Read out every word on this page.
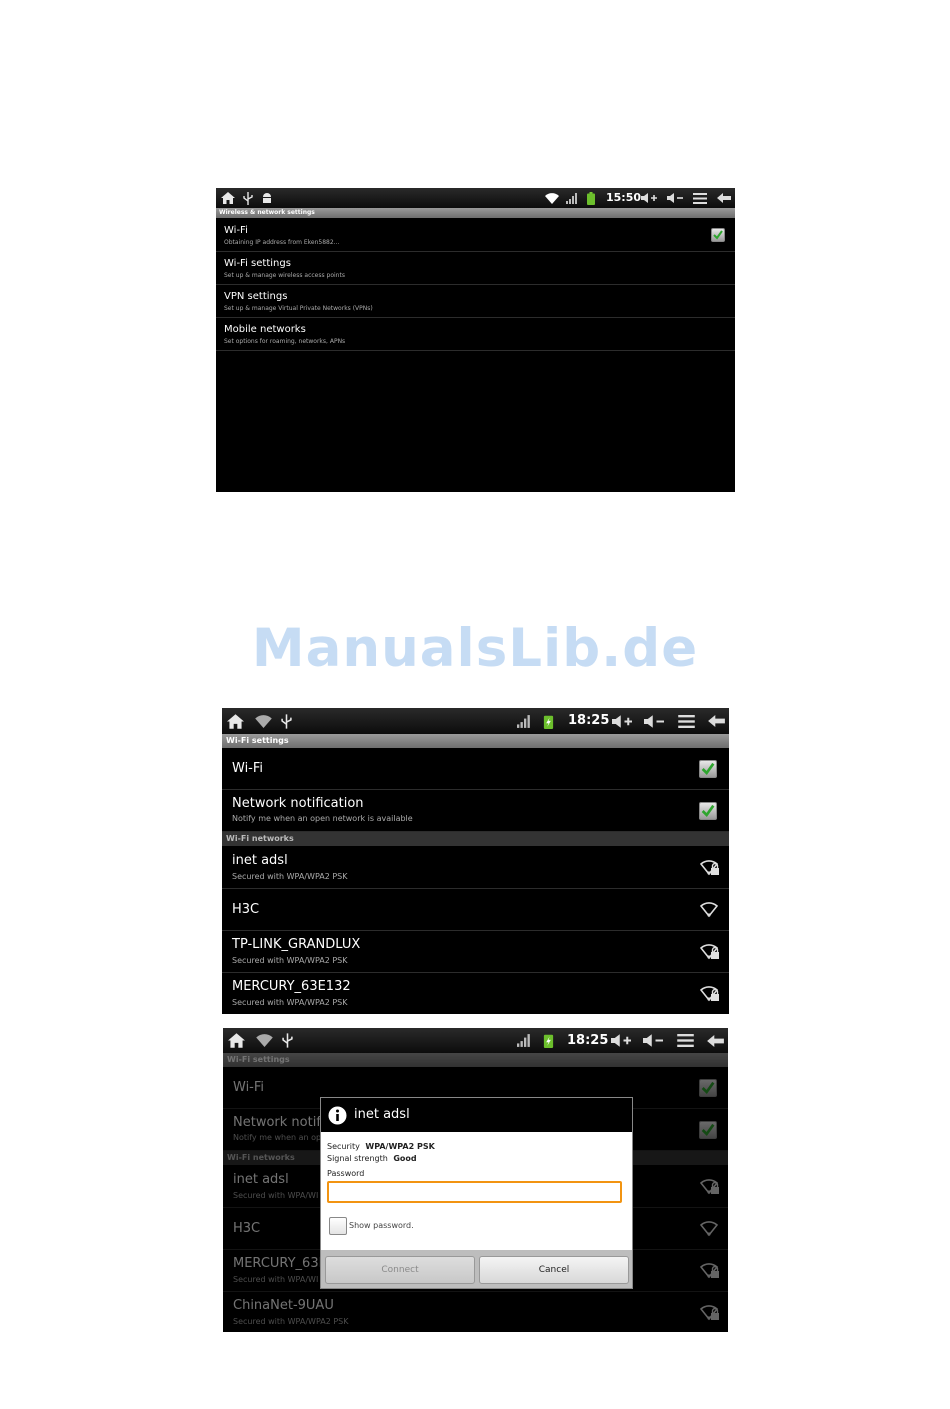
15:50
Wireless & network settings
Wi-Fi
Obtaining IP address from Eken5882...
Wi-Fi settings
Set up & manage wireless access points
VPN settings
Set up & manage Virtual Private Networks (VPNs)
Mobile networks
Set options for roaming, networks, APNs
ManualsLib.de
18:25
Wi-Fi settings
Wi-Fi
Network notification
Notify me when an open network is available
Wi-Fi networks
inet adsl
Secured with WPA/WPA2 PSK
H3C
TP-LINK_GRANDLUX
Secured with WPA/WPA2 PSK
MERCURY_63E132
Secured with WPA/WPA2 PSK
18:25
inet adsl
Security WPA/WPA2 PSK
Signal strength Good
Password
Show password.
Connect	Cancel
